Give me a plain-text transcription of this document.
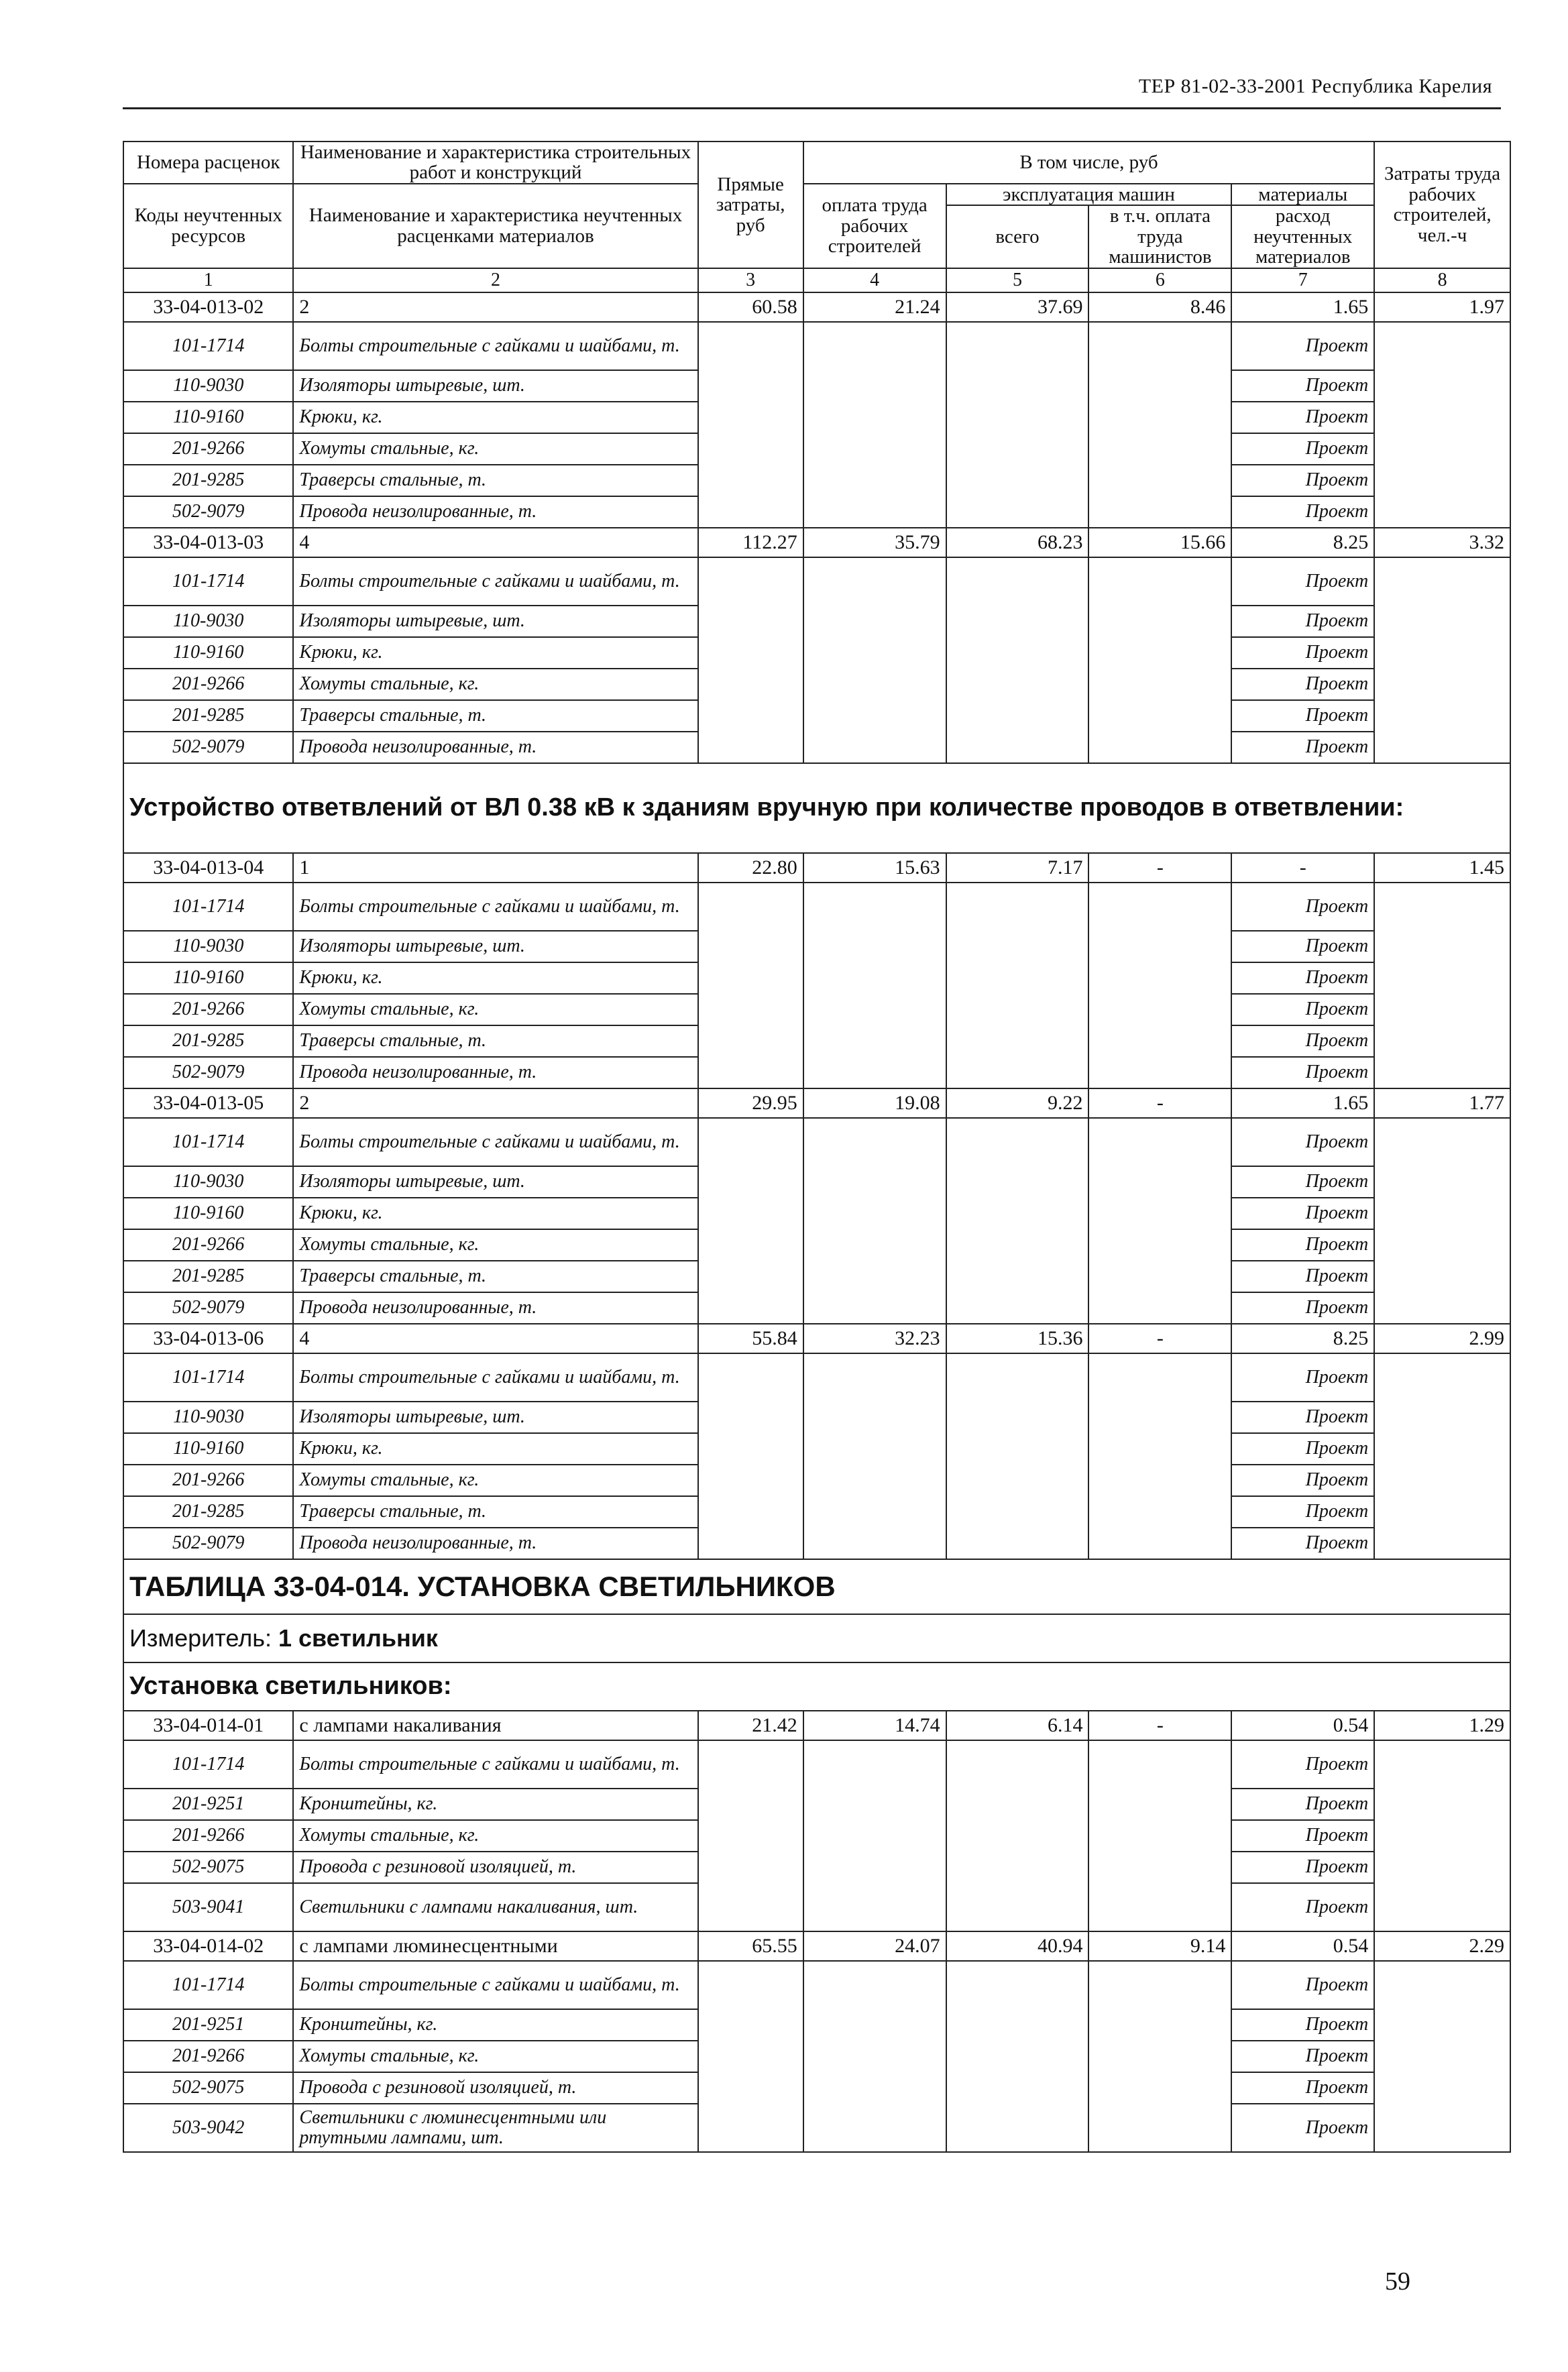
ТЕР 81-02-33-2001 Республика Карелия
Номера расценок	Наименование и характеристика строительных работ и конструкций	Прямые затраты, руб	В том числе, руб				Затраты труда рабочих строителей, чел.-ч
Коды неучтенных ресурсов	Наименование и характеристика неучтенных расценками материалов		оплата труда рабочих строителей	эксплуатация машин		материалы	
				всего	в т.ч. оплата труда машинистов	расход неучтенных материалов	

1	2	3	4	5	6	7	8
33-04-013-02	2	60.58	21.24	37.69	8.46	1.65	1.97
101-1714	Болты строительные с гайками и шайбами, т.					Проект	
110-9030	Изоляторы штыревые, шт.					Проект	
110-9160	Крюки, кг.					Проект	
201-9266	Хомуты стальные, кг.					Проект	
201-9285	Траверсы стальные, т.					Проект	
502-9079	Провода неизолированные, т.					Проект	
33-04-013-03	4	112.27	35.79	68.23	15.66	8.25	3.32
101-1714	Болты строительные с гайками и шайбами, т.					Проект	
110-9030	Изоляторы штыревые, шт.					Проект	
110-9160	Крюки, кг.					Проект	
201-9266	Хомуты стальные, кг.					Проект	
201-9285	Траверсы стальные, т.					Проект	
502-9079	Провода неизолированные, т.					Проект	
Устройство ответвлений от ВЛ 0.38 кВ к зданиям вручную при количестве проводов в ответвлении:							
33-04-013-04	1	22.80	15.63	7.17	-	-	1.45
101-1714	Болты строительные с гайками и шайбами, т.					Проект	
110-9030	Изоляторы штыревые, шт.					Проект	
110-9160	Крюки, кг.					Проект	
201-9266	Хомуты стальные, кг.					Проект	
201-9285	Траверсы стальные, т.					Проект	
502-9079	Провода неизолированные, т.					Проект	
33-04-013-05	2	29.95	19.08	9.22	-	1.65	1.77
101-1714	Болты строительные с гайками и шайбами, т.					Проект	
110-9030	Изоляторы штыревые, шт.					Проект	
110-9160	Крюки, кг.					Проект	
201-9266	Хомуты стальные, кг.					Проект	
201-9285	Траверсы стальные, т.					Проект	
502-9079	Провода неизолированные, т.					Проект	
33-04-013-06	4	55.84	32.23	15.36	-	8.25	2.99
101-1714	Болты строительные с гайками и шайбами, т.					Проект	
110-9030	Изоляторы штыревые, шт.					Проект	
110-9160	Крюки, кг.					Проект	
201-9266	Хомуты стальные, кг.					Проект	
201-9285	Траверсы стальные, т.					Проект	
502-9079	Провода неизолированные, т.					Проект	
ТАБЛИЦА 33-04-014. УСТАНОВКА СВЕТИЛЬНИКОВ							
Измеритель: 1 светильник							
Установка светильников:							
33-04-014-01	с лампами накаливания	21.42	14.74	6.14	-	0.54	1.29
101-1714	Болты строительные с гайками и шайбами, т.					Проект	
201-9251	Кронштейны, кг.					Проект	
201-9266	Хомуты стальные, кг.					Проект	
502-9075	Провода с резиновой изоляцией, т.					Проект	
503-9041	Светильники с лампами накаливания, шт.					Проект	
33-04-014-02	с лампами люминесцентными	65.55	24.07	40.94	9.14	0.54	2.29
101-1714	Болты строительные с гайками и шайбами, т.					Проект	
201-9251	Кронштейны, кг.					Проект	
201-9266	Хомуты стальные, кг.					Проект	
502-9075	Провода с резиновой изоляцией, т.					Проект	
503-9042	Светильники с люминесцентными или ртутными лампами, шт.					Проект	
59
